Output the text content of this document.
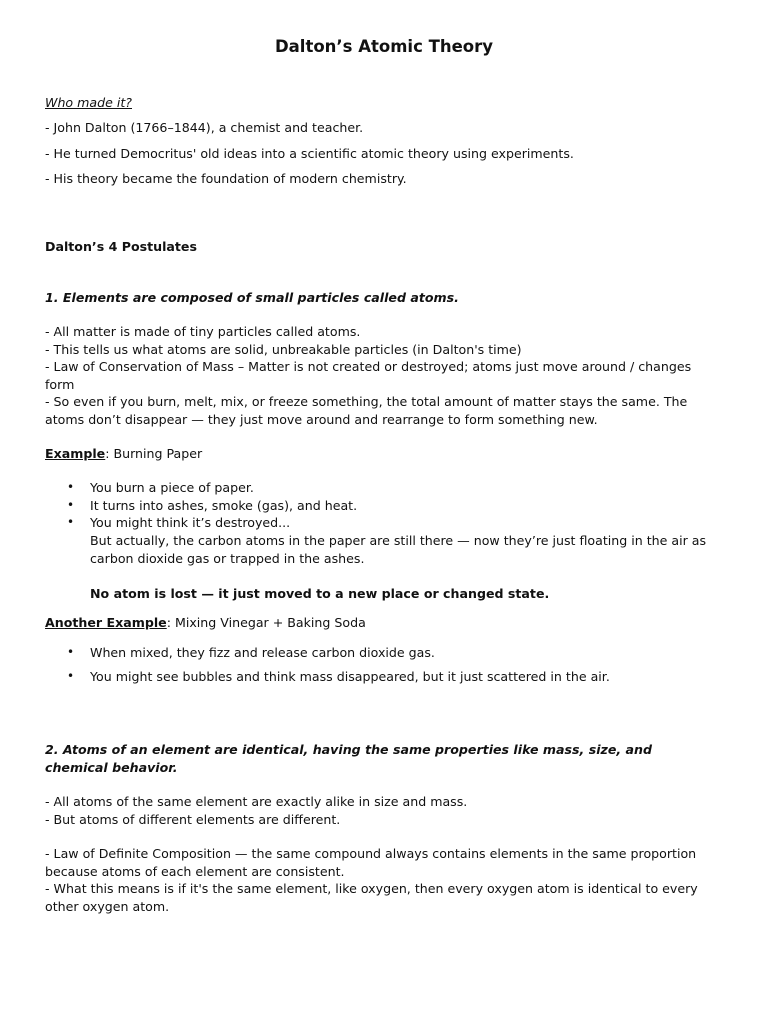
Dalton’s Atomic Theory

Who made it?

- John Dalton (1766–1844), a chemist and teacher.

- He turned Democritus' old ideas into a scientific atomic theory using experiments.

- His theory became the foundation of modern chemistry.

Dalton’s 4 Postulates

1. Elements are composed of small particles called atoms.

- All matter is made of tiny particles called atoms.

- This tells us what atoms are solid, unbreakable particles (in Dalton's time)

- Law of Conservation of Mass – Matter is not created or destroyed; atoms just move around / changes form

- So even if you burn, melt, mix, or freeze something, the total amount of matter stays the same. The atoms don’t disappear — they just move around and rearrange to form something new.

Example: Burning Paper

• You burn a piece of paper.
• It turns into ashes, smoke (gas), and heat.
• You might think it’s destroyed...

But actually, the carbon atoms in the paper are still there — now they’re just floating in the air as carbon dioxide gas or trapped in the ashes.

No atom is lost — it just moved to a new place or changed state.

Another Example: Mixing Vinegar + Baking Soda

• When mixed, they fizz and release carbon dioxide gas.
• You might see bubbles and think mass disappeared, but it just scattered in the air.

2. Atoms of an element are identical, having the same properties like mass, size, and chemical behavior.

- All atoms of the same element are exactly alike in size and mass.

- But atoms of different elements are different.

- Law of Definite Composition — the same compound always contains elements in the same proportion because atoms of each element are consistent.

- What this means is if it's the same element, like oxygen, then every oxygen atom is identical to every other oxygen atom.
